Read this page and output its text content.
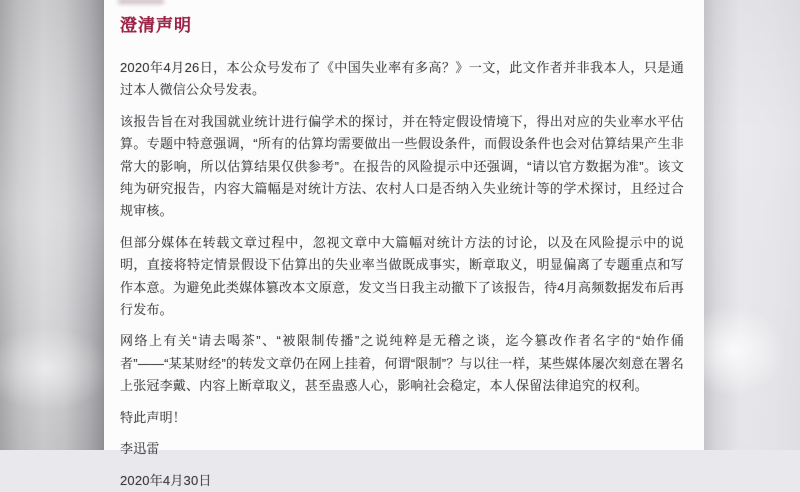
澄清声明

2020年4月26日，本公众号发布了《中国失业率有多高？》一文，此文作者并非我本人，只是通过本人微信公众号发表。

该报告旨在对我国就业统计进行偏学术的探讨，并在特定假设情境下，得出对应的失业率水平估算。专题中特意强调，“所有的估算均需要做出一些假设条件，而假设条件也会对估算结果产生非常大的影响，所以估算结果仅供参考”。在报告的风险提示中还强调，“请以官方数据为准”。该文纯为研究报告，内容大篇幅是对统计方法、农村人口是否纳入失业统计等的学术探讨，且经过合规审核。

但部分媒体在转载文章过程中，忽视文章中大篇幅对统计方法的讨论，以及在风险提示中的说明，直接将特定情景假设下估算出的失业率当做既成事实，断章取义，明显偏离了专题重点和写作本意。为避免此类媒体篡改本文原意，发文当日我主动撤下了该报告，待4月高频数据发布后再行发布。

网络上有关“请去喝茶”、“被限制传播”之说纯粹是无稽之谈，迄今篡改作者名字的“始作俑者”——“某某财经”的转发文章仍在网上挂着，何谓“限制”？与以往一样，某些媒体屡次刻意在署名上张冠李戴、内容上断章取义，甚至蛊惑人心，影响社会稳定，本人保留法律追究的权利。

特此声明！

李迅雷

2020年4月30日
